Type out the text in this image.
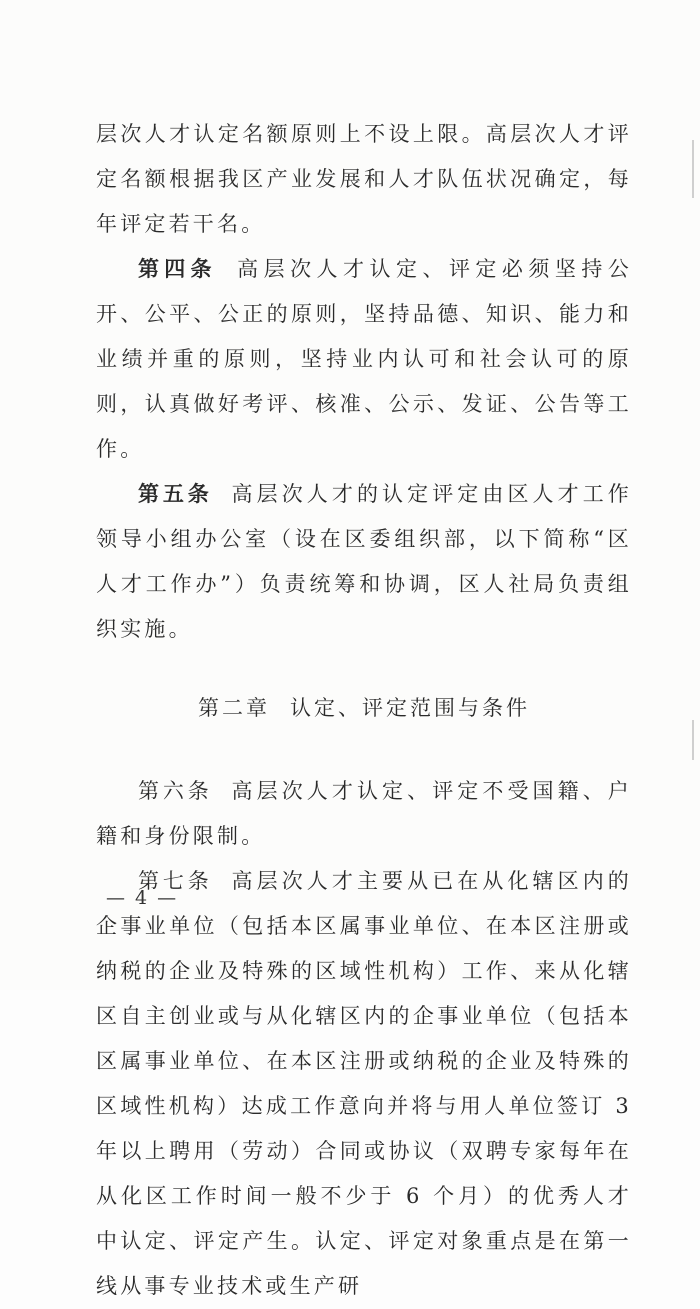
层次人才认定名额原则上不设上限。高层次人才评定名额根据我区产业发展和人才队伍状况确定，每年评定若干名。

第四条 高层次人才认定、评定必须坚持公开、公平、公正的原则，坚持品德、知识、能力和业绩并重的原则，坚持业内认可和社会认可的原则，认真做好考评、核准、公示、发证、公告等工作。

第五条 高层次人才的认定评定由区人才工作领导小组办公室（设在区委组织部，以下简称“区人才工作办”）负责统筹和协调，区人社局负责组织实施。

第二章 认定、评定范围与条件

第六条 高层次人才认定、评定不受国籍、户籍和身份限制。

第七条 高层次人才主要从已在从化辖区内的企事业单位（包括本区属事业单位、在本区注册或纳税的企业及特殊的区域性机构）工作、来从化辖区自主创业或与从化辖区内的企事业单位（包括本区属事业单位、在本区注册或纳税的企业及特殊的区域性机构）达成工作意向并将与用人单位签订 3 年以上聘用（劳动）合同或协议（双聘专家每年在从化区工作时间一般不少于 6 个月）的优秀人才中认定、评定产生。认定、评定对象重点是在第一线从事专业技术或生产研

— 4 —
